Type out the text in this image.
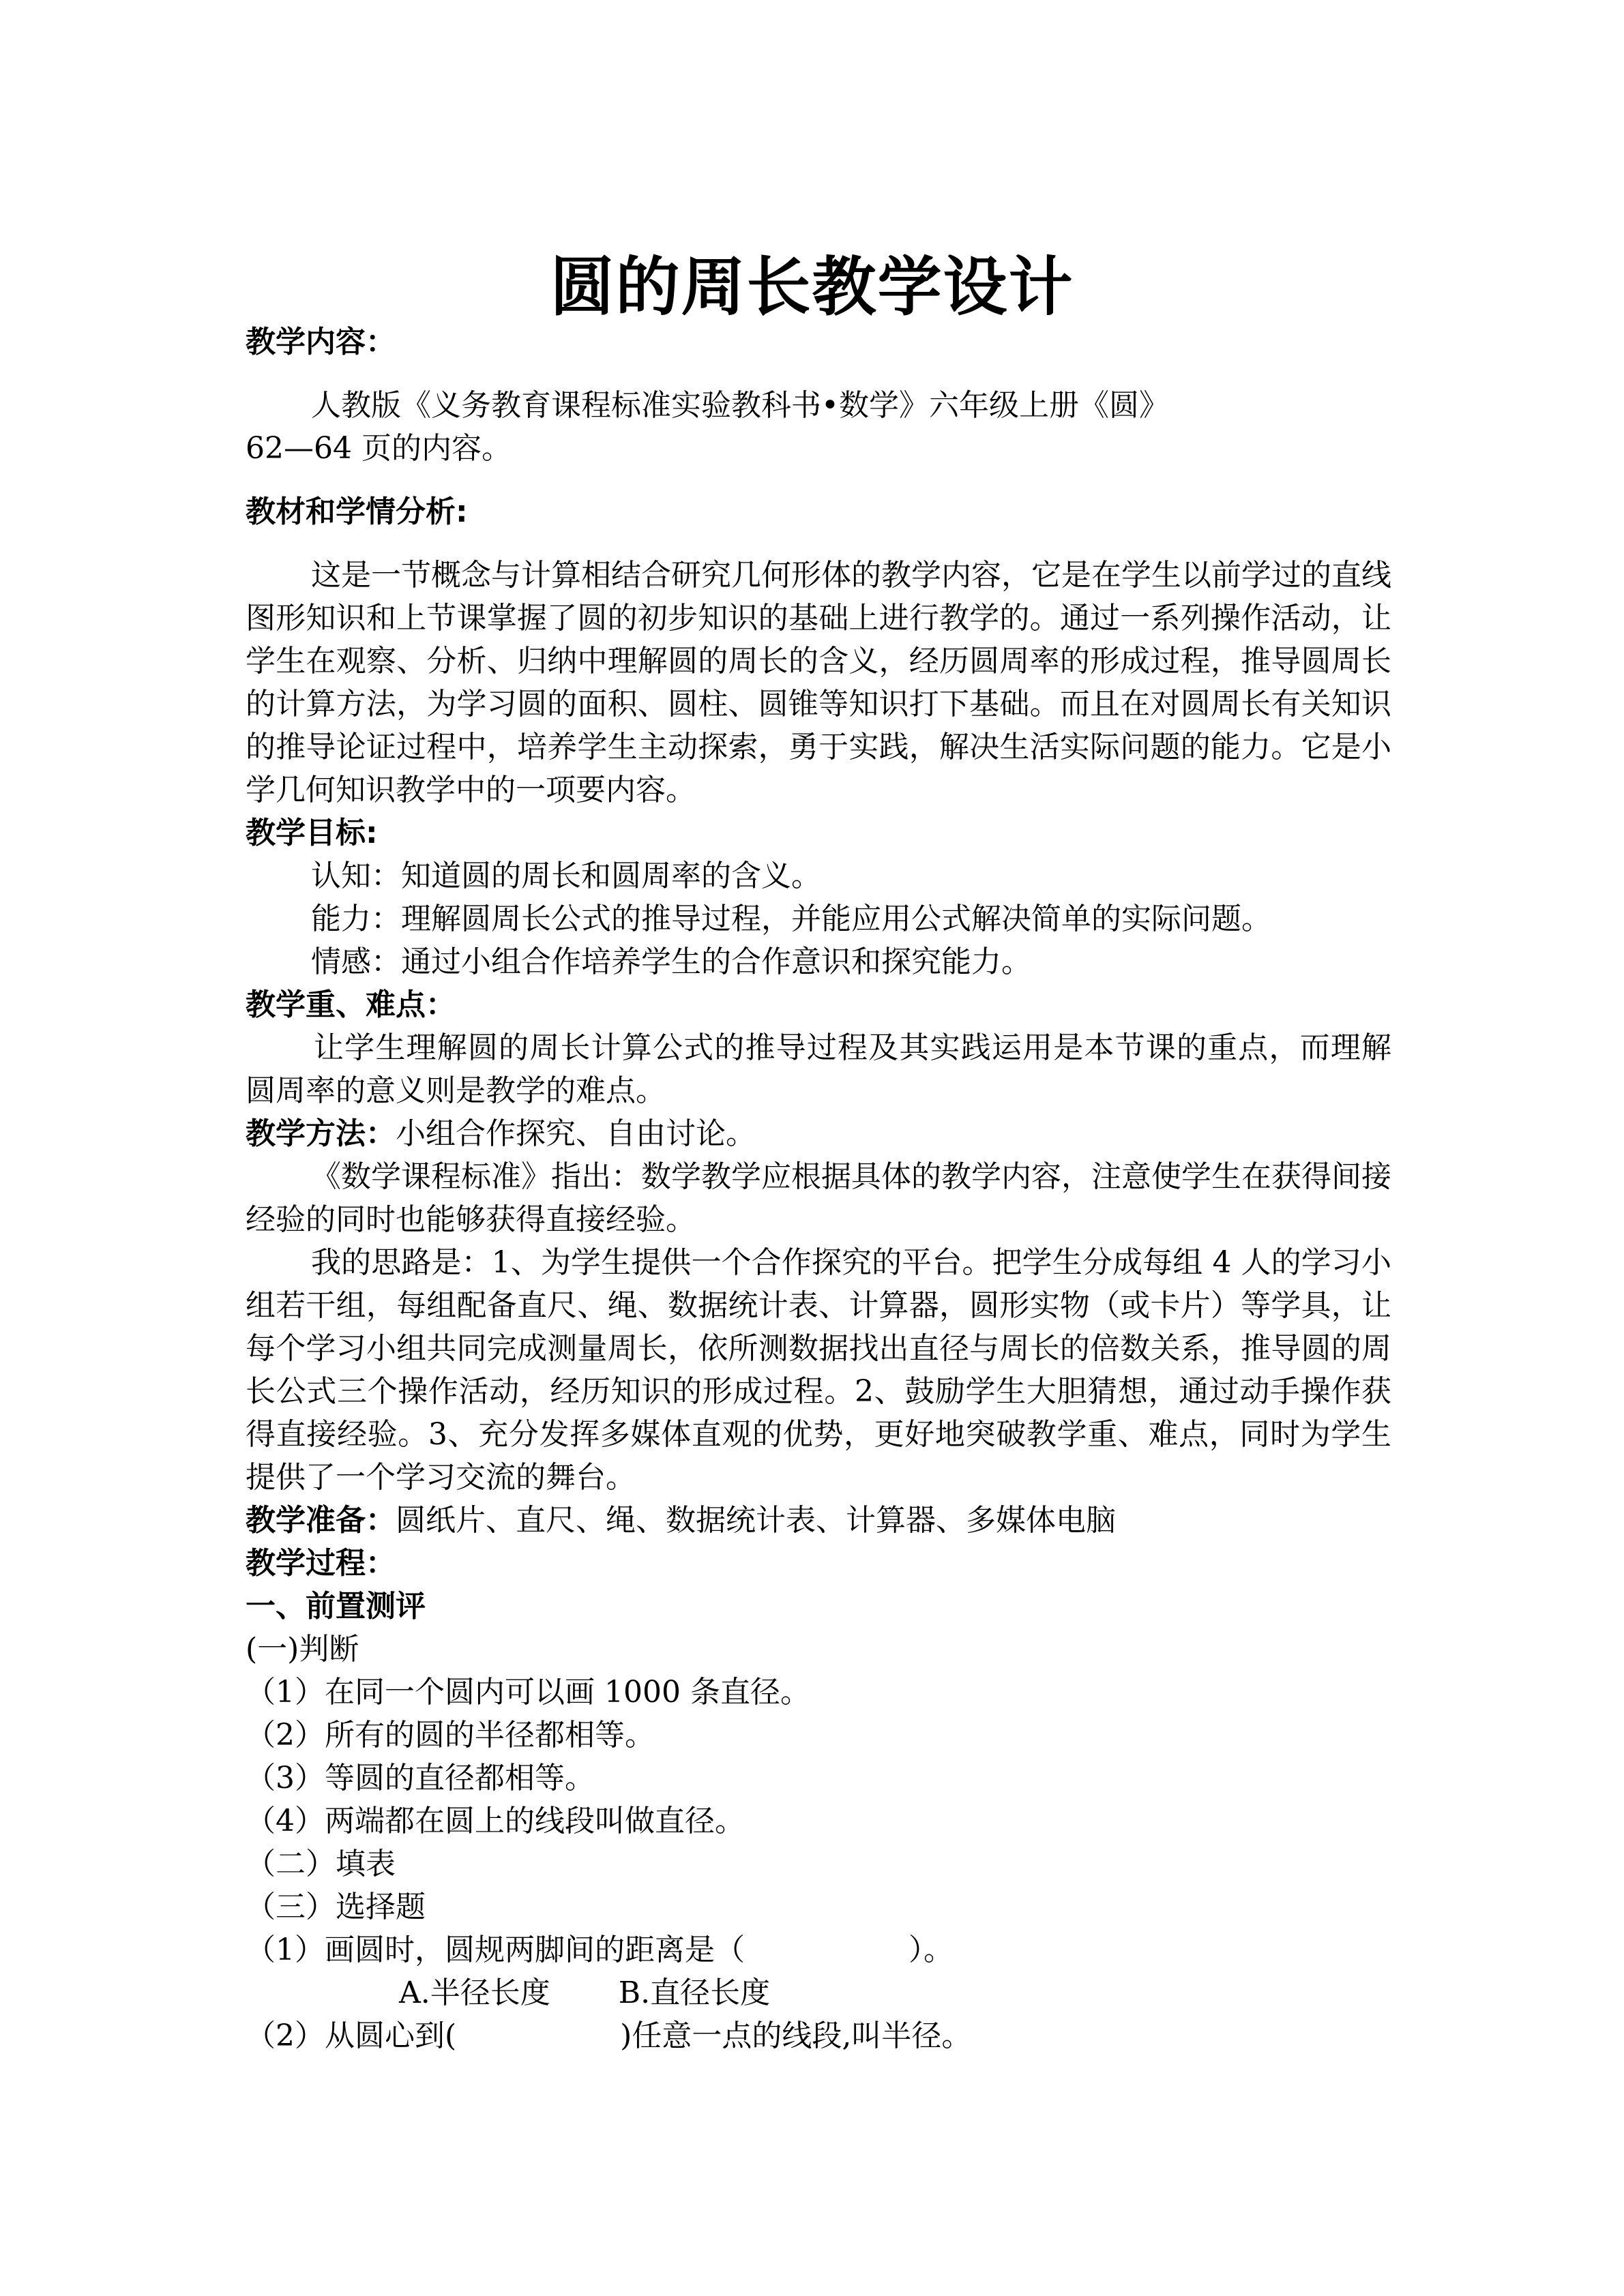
圆的周长教学设计

教学内容：

人教版《义务教育课程标准实验教科书•数学》六年级上册《圆》

62—64 页的内容。

教材和学情分析:

这是一节概念与计算相结合研究几何形体的教学内容，它是在学生以前学过的直线图形知识和上节课掌握了圆的初步知识的基础上进行教学的。通过一系列操作活动，让学生在观察、分析、归纳中理解圆的周长的含义，经历圆周率的形成过程，推导圆周长的计算方法，为学习圆的面积、圆柱、圆锥等知识打下基础。而且在对圆周长有关知识的推导论证过程中，培养学生主动探索，勇于实践，解决生活实际问题的能力。它是小学几何知识教学中的一项要内容。

教学目标:

认知：知道圆的周长和圆周率的含义。

能力：理解圆周长公式的推导过程，并能应用公式解决简单的实际问题。

情感：通过小组合作培养学生的合作意识和探究能力。

教学重、难点：

让学生理解圆的周长计算公式的推导过程及其实践运用是本节课的重点，而理解圆周率的意义则是教学的难点。

教学方法：小组合作探究、自由讨论。

《数学课程标准》指出：数学教学应根据具体的教学内容，注意使学生在获得间接经验的同时也能够获得直接经验。

我的思路是：1、为学生提供一个合作探究的平台。把学生分成每组 4 人的学习小组若干组，每组配备直尺、绳、数据统计表、计算器，圆形实物（或卡片）等学具，让每个学习小组共同完成测量周长，依所测数据找出直径与周长的倍数关系，推导圆的周长公式三个操作活动，经历知识的形成过程。2、鼓励学生大胆猜想，通过动手操作获得直接经验。3、充分发挥多媒体直观的优势，更好地突破教学重、难点，同时为学生提供了一个学习交流的舞台。

教学准备：圆纸片、直尺、绳、数据统计表、计算器、多媒体电脑

教学过程：

一、前置测评

(一)判断

（1）在同一个圆内可以画 1000 条直径。

（2）所有的圆的半径都相等。

（3）等圆的直径都相等。

（4）两端都在圆上的线段叫做直径。

（二）填表

（三）选择题

（1）画圆时，圆规两脚间的距离是（	）。

A.半径长度 B.直径长度

（2）从圆心到(	)任意一点的线段,叫半径。
